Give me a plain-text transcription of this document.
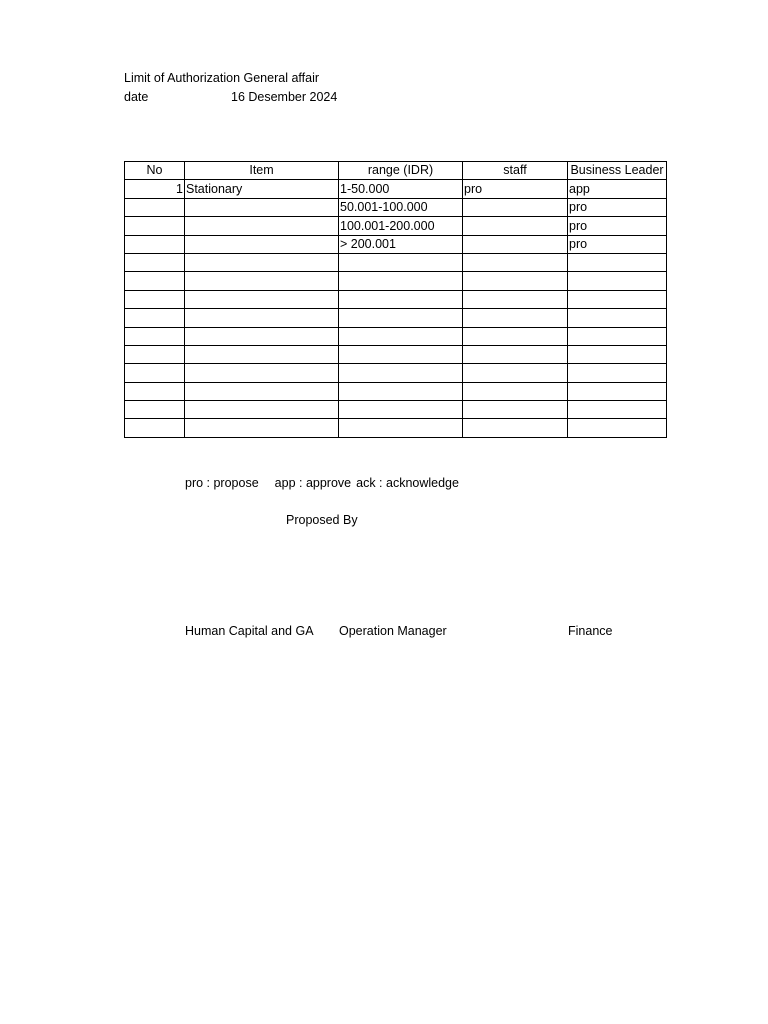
Limit of Authorization General affair
date	16 Desember 2024
No	Item	range (IDR)	staff	Business Leader
1	Stationary	1-50.000	pro	app
		50.001-100.000		pro
		100.001-200.000		pro
		> 200.001		pro

pro : propose app : approve ack : acknowledge
Proposed By
Human Capital and GA Operation Manager	Finance
